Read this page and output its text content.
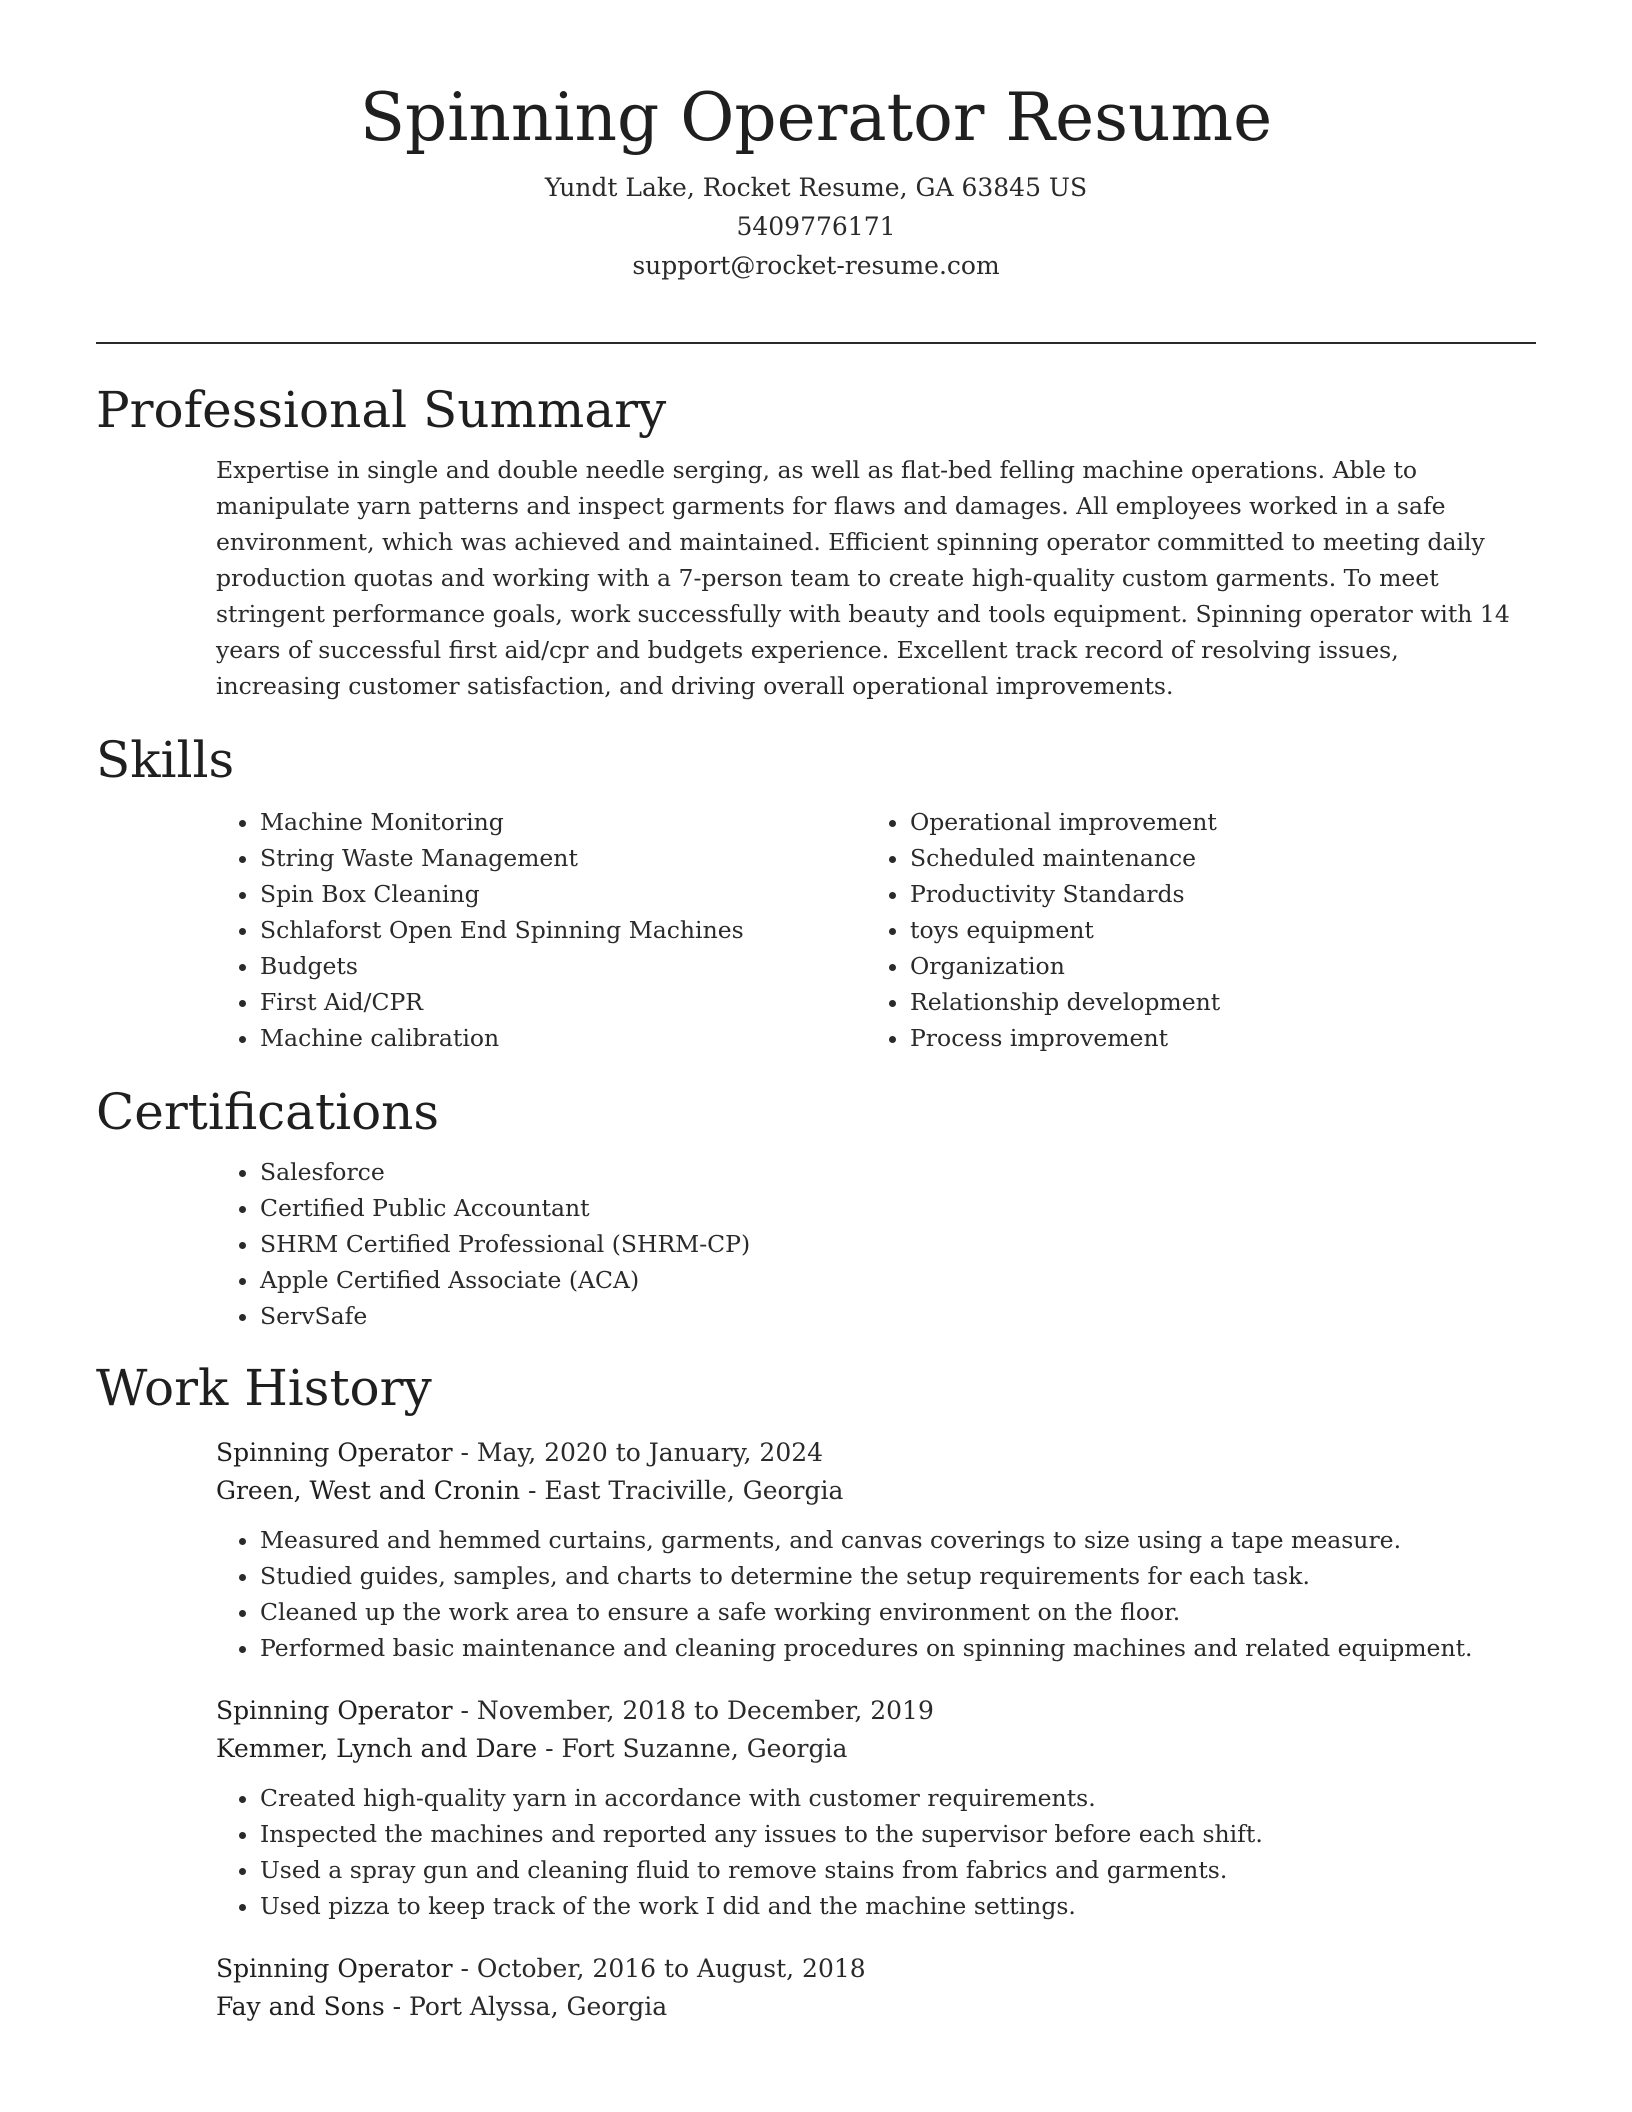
Spinning Operator Resume
Yundt Lake, Rocket Resume, GA 63845 US
5409776171
support@rocket-resume.com
Professional Summary

Expertise in single and double needle serging, as well as flat-bed felling machine operations. Able to manipulate yarn patterns and inspect garments for flaws and damages. All employees worked in a safe environment, which was achieved and maintained. Efficient spinning operator committed to meeting daily production quotas and working with a 7-person team to create high-quality custom garments. To meet stringent performance goals, work successfully with beauty and tools equipment. Spinning operator with 14 years of successful first aid/cpr and budgets experience. Excellent track record of resolving issues, increasing customer satisfaction, and driving overall operational improvements.

Skills
• Machine Monitoring
• String Waste Management
• Spin Box Cleaning
• Schlaforst Open End Spinning Machines
• Budgets
• First Aid/CPR
• Machine calibration
• Operational improvement
• Scheduled maintenance
• Productivity Standards
• toys equipment
• Organization
• Relationship development
• Process improvement
Certifications
• Salesforce
• Certified Public Accountant
• SHRM Certified Professional (SHRM-CP)
• Apple Certified Associate (ACA)
• ServSafe
Work History
Spinning Operator - May, 2020 to January, 2024
Green, West and Cronin - East Traciville, Georgia
• Measured and hemmed curtains, garments, and canvas coverings to size using a tape measure.
• Studied guides, samples, and charts to determine the setup requirements for each task.
• Cleaned up the work area to ensure a safe working environment on the floor.
• Performed basic maintenance and cleaning procedures on spinning machines and related equipment.
Spinning Operator - November, 2018 to December, 2019
Kemmer, Lynch and Dare - Fort Suzanne, Georgia
• Created high-quality yarn in accordance with customer requirements.
• Inspected the machines and reported any issues to the supervisor before each shift.
• Used a spray gun and cleaning fluid to remove stains from fabrics and garments.
• Used pizza to keep track of the work I did and the machine settings.
Spinning Operator - October, 2016 to August, 2018
Fay and Sons - Port Alyssa, Georgia
